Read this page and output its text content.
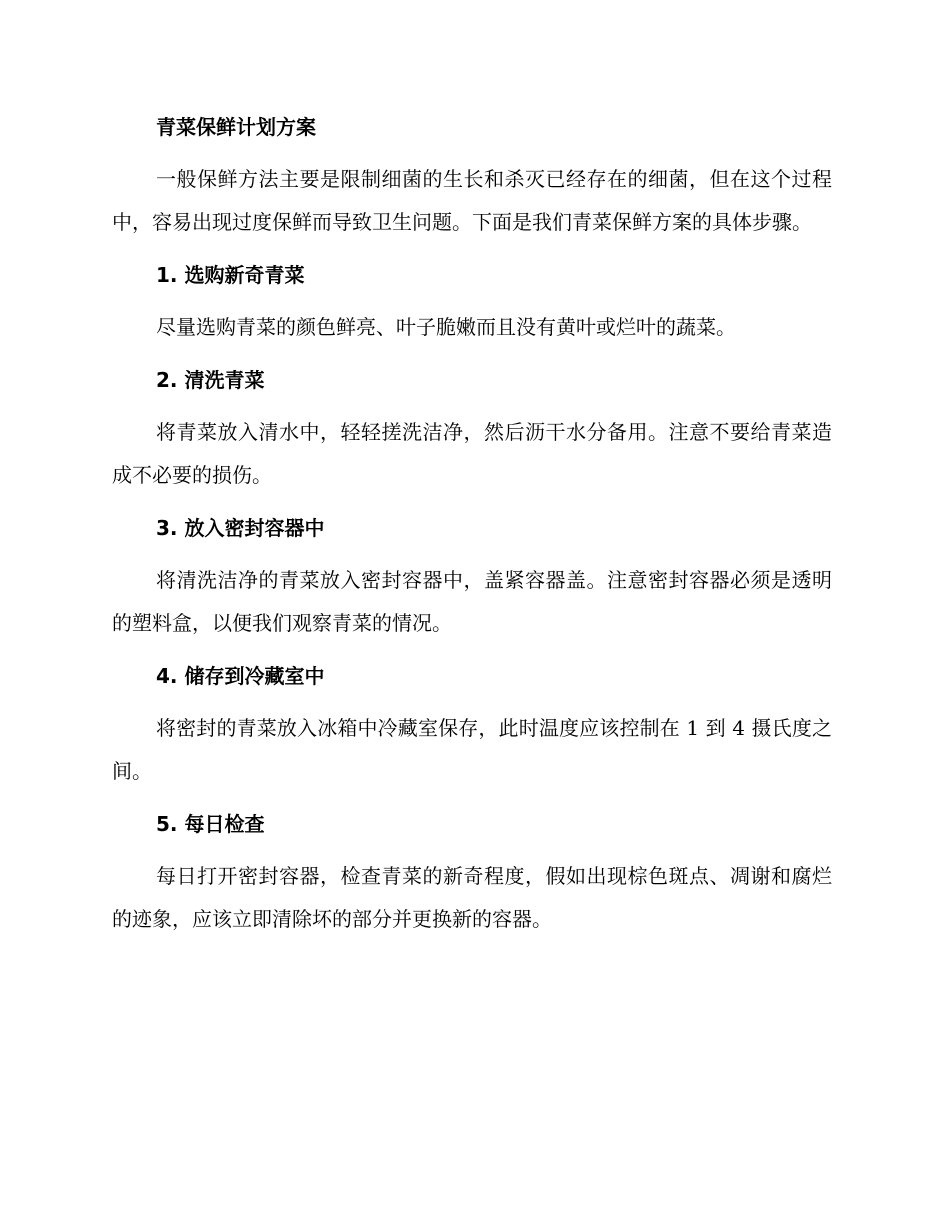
青菜保鲜计划方案

一般保鲜方法主要是限制细菌的生长和杀灭已经存在的细菌，但在这个过程中，容易出现过度保鲜而导致卫生问题。下面是我们青菜保鲜方案的具体步骤。

1. 选购新奇青菜

尽量选购青菜的颜色鲜亮、叶子脆嫩而且没有黄叶或烂叶的蔬菜。

2. 清洗青菜

将青菜放入清水中，轻轻搓洗洁净，然后沥干水分备用。注意不要给青菜造成不必要的损伤。

3. 放入密封容器中

将清洗洁净的青菜放入密封容器中，盖紧容器盖。注意密封容器必须是透明的塑料盒，以便我们观察青菜的情况。

4. 储存到冷藏室中

将密封的青菜放入冰箱中冷藏室保存，此时温度应该控制在 1 到 4 摄氏度之间。

5. 每日检查

每日打开密封容器，检查青菜的新奇程度，假如出现棕色斑点、凋谢和腐烂的迹象，应该立即清除坏的部分并更换新的容器。
